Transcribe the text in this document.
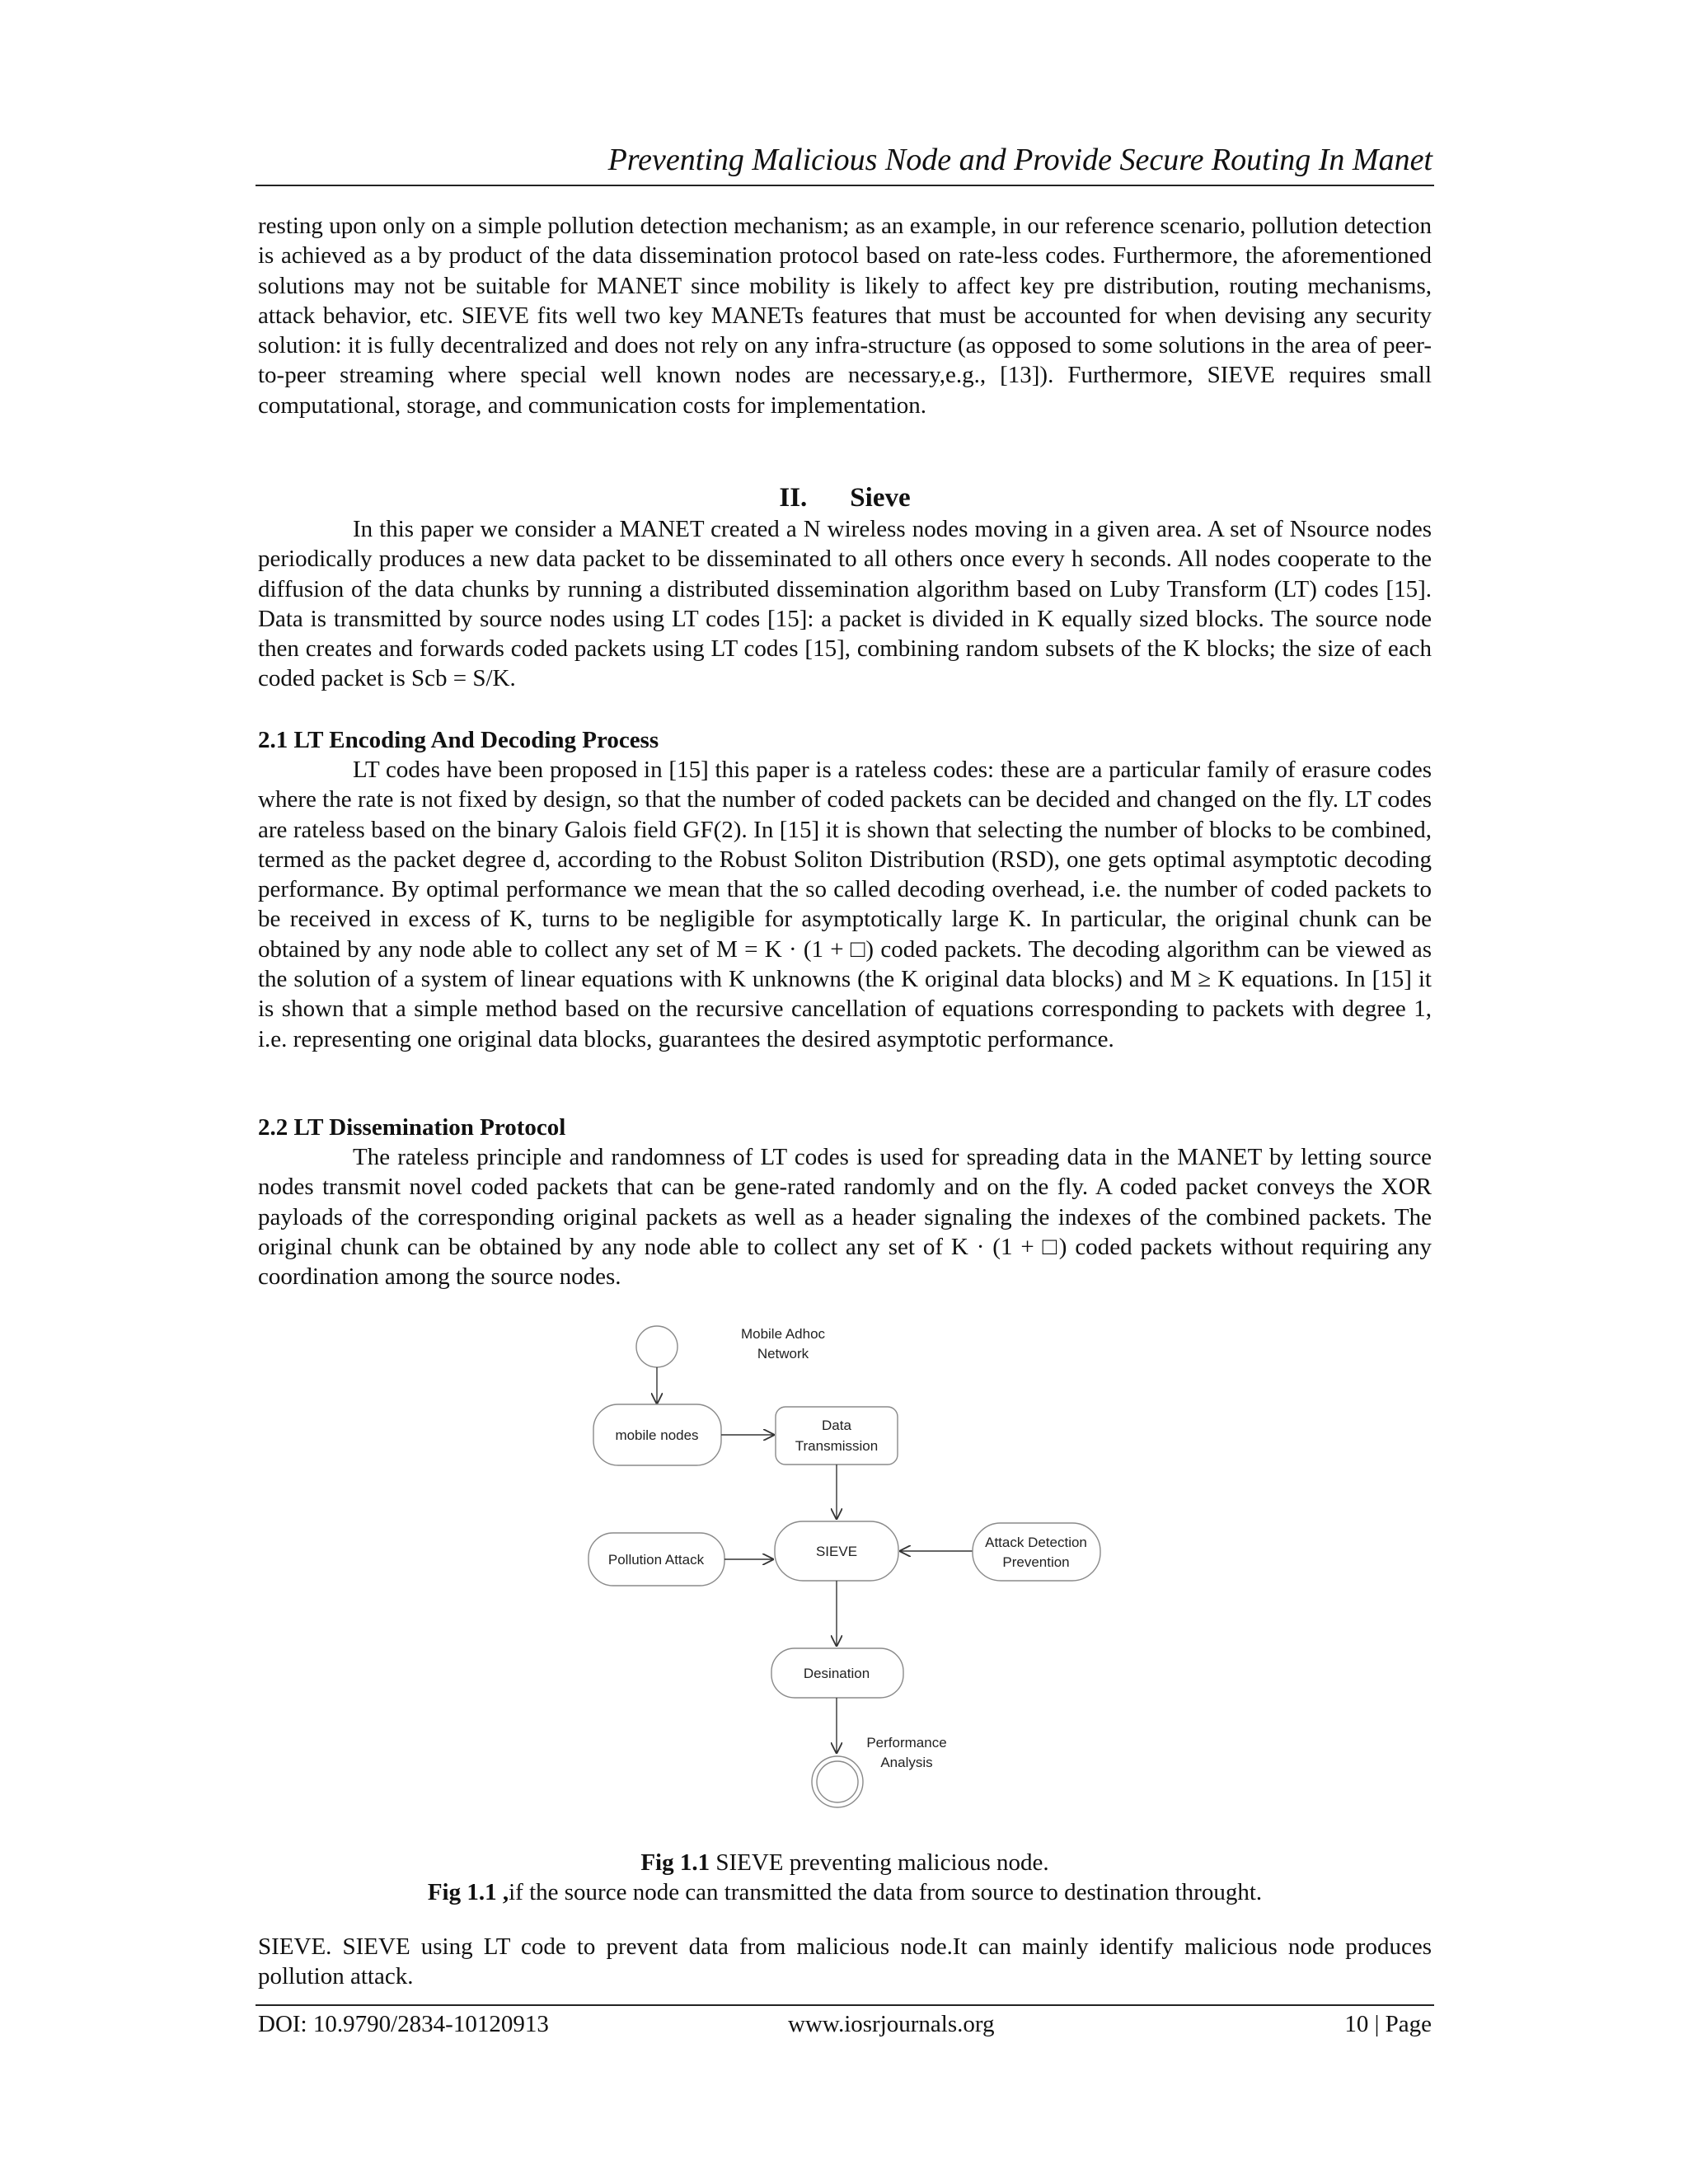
Preventing Malicious Node and Provide Secure Routing In Manet

resting upon only on a simple pollution detection mechanism; as an example, in our reference scenario, pollution detection is achieved as a by product of the data dissemination protocol based on rate-less codes. Furthermore, the aforementioned solutions may not be suitable for MANET since mobility is likely to affect key pre distribution, routing mechanisms, attack behavior, etc. SIEVE fits well two key MANETs features that must be accounted for when devising any security solution: it is fully decentralized and does not rely on any infra-structure (as opposed to some solutions in the area of peer-to-peer streaming where special well known nodes are necessary,e.g., [13]). Furthermore, SIEVE requires small computational, storage, and communication costs for implementation.

II. Sieve

In this paper we consider a MANET created a N wireless nodes moving in a given area. A set of Nsource nodes periodically produces a new data packet to be disseminated to all others once every h seconds. All nodes cooperate to the diffusion of the data chunks by running a distributed dissemination algorithm based on Luby Transform (LT) codes [15]. Data is transmitted by source nodes using LT codes [15]: a packet is divided in K equally sized blocks. The source node then creates and forwards coded packets using LT codes [15], combining random subsets of the K blocks; the size of each coded packet is Scb = S/K.

2.1 LT Encoding And Decoding Process

LT codes have been proposed in [15] this paper is a rateless codes: these are a particular family of erasure codes where the rate is not fixed by design, so that the number of coded packets can be decided and changed on the fly. LT codes are rateless based on the binary Galois field GF(2). In [15] it is shown that selecting the number of blocks to be combined, termed as the packet degree d, according to the Robust Soliton Distribution (RSD), one gets optimal asymptotic decoding performance. By optimal performance we mean that the so called decoding overhead, i.e. the number of coded packets to be received in excess of K, turns to be negligible for asymptotically large K. In particular, the original chunk can be obtained by any node able to collect any set of M = K · (1 + □) coded packets. The decoding algorithm can be viewed as the solution of a system of linear equations with K unknowns (the K original data blocks) and M ≥ K equations. In [15] it is shown that a simple method based on the recursive cancellation of equations corresponding to packets with degree 1, i.e. representing one original data blocks, guarantees the desired asymptotic performance.

2.2 LT Dissemination Protocol

The rateless principle and randomness of LT codes is used for spreading data in the MANET by letting source nodes transmit novel coded packets that can be gene-rated randomly and on the fly. A coded packet conveys the XOR payloads of the corresponding original packets as well as a header signaling the indexes of the combined packets. The original chunk can be obtained by any node able to collect any set of K · (1 + □) coded packets without requiring any coordination among the source nodes.

Mobile Adhoc
Network
mobile nodes
Data
Transmission
Pollution Attack
SIEVE
Attack Detection
Prevention
Desination
Performance
Analysis
Fig 1.1 SIEVE preventing malicious node.
Fig 1.1 ,if the source node can transmitted the data from source to destination throught.

SIEVE. SIEVE using LT code to prevent data from malicious node.It can mainly identify malicious node produces pollution attack.

DOI: 10.9790/2834-10120913	www.iosrjournals.org	10 | Page
